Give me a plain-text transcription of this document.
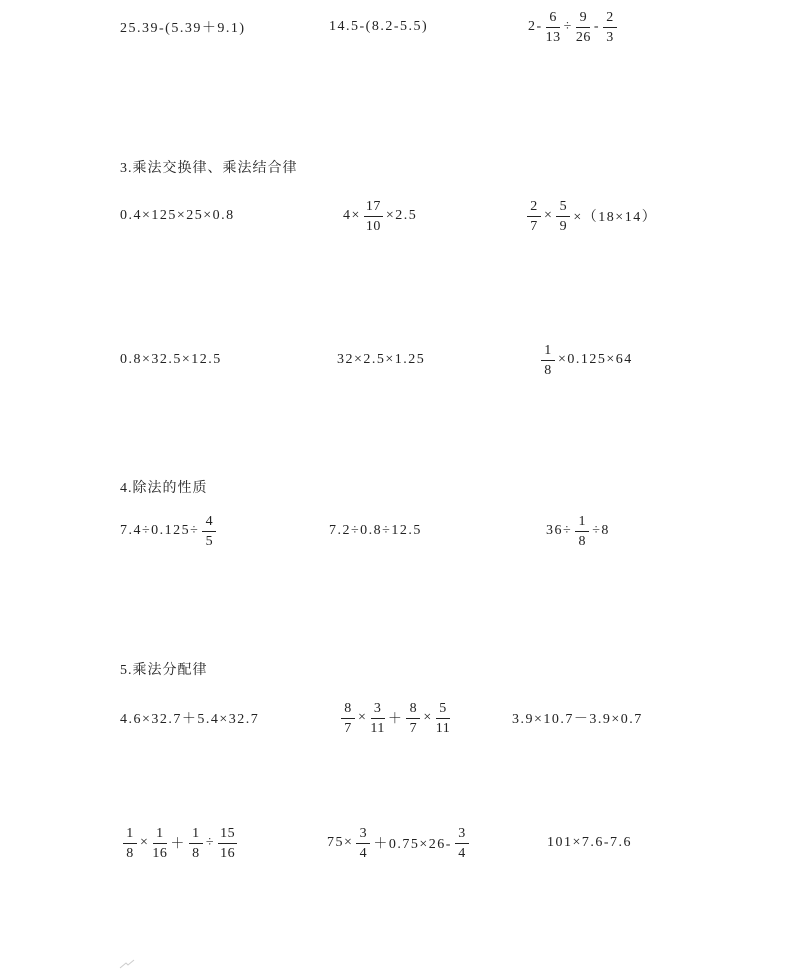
25.39-(5.39＋9.1)	14.5-(8.2-5.5)	$2- \frac{6}{13} \div \frac{9}{26} - \frac{2}{3}$
3.乘法交换律、乘法结合律
0.4×125×25×0.8	$4\times \frac{17}{10} \times 2.5$	$\frac{2}{7} \times \frac{5}{9} \times(18\times 14)$
0.8×32.5×12.5	32×2.5×1.25	$\frac{1}{8} \times 0.125\times 64$
4.除法的性质
$7.4\div 0.125\div \frac{4}{5}$	7.2÷0.8÷12.5	$36\div \frac{1}{8} \div 8$
5.乘法分配律
4.6×32.7＋5.4×32.7	$\frac{8}{7} \times \frac{3}{11} + \frac{8}{7} \times \frac{5}{11}$	3.9×10.7－3.9×0.7
$\frac{1}{8} \times \frac{1}{16} + \frac{1}{8} \div \frac{15}{16}$	$75\times \frac{3}{4} +0.75\times 26- \frac{3}{4}$	101×7.6-7.6
